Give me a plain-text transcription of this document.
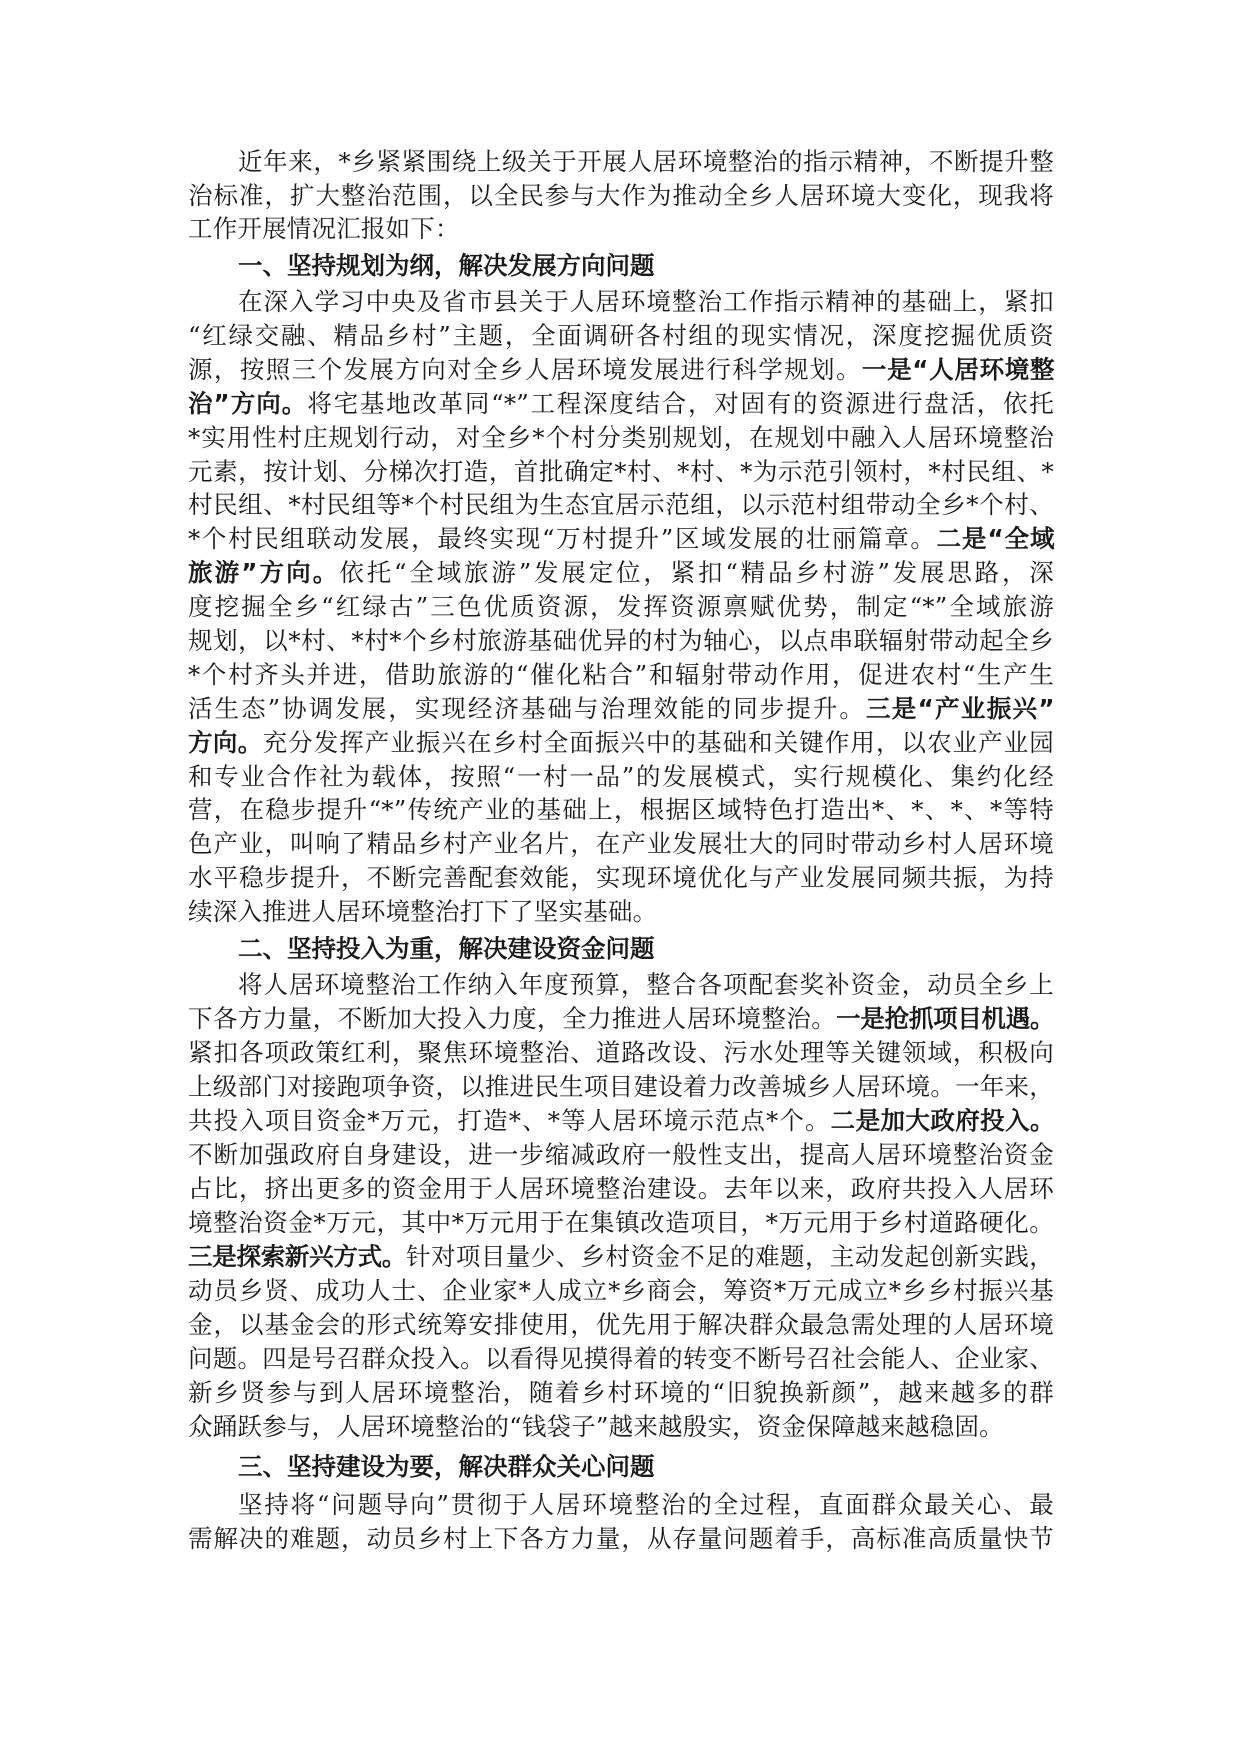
近年来，*乡紧紧围绕上级关于开展人居环境整治的指示精神，不断提升整
治标准，扩大整治范围，以全民参与大作为推动全乡人居环境大变化，现我将
工作开展情况汇报如下：
一、坚持规划为纲，解决发展方向问题
在深入学习中央及省市县关于人居环境整治工作指示精神的基础上，紧扣
“红绿交融、精品乡村”主题，全面调研各村组的现实情况，深度挖掘优质资
源，按照三个发展方向对全乡人居环境发展进行科学规划。一是“人居环境整
治”方向。将宅基地改革同“*”工程深度结合，对固有的资源进行盘活，依托
*实用性村庄规划行动，对全乡*个村分类别规划，在规划中融入人居环境整治
元素，按计划、分梯次打造，首批确定*村、*村、*为示范引领村，*村民组、*
村民组、*村民组等*个村民组为生态宜居示范组，以示范村组带动全乡*个村、
*个村民组联动发展，最终实现“万村提升”区域发展的壮丽篇章。二是“全域
旅游”方向。依托“全域旅游”发展定位，紧扣“精品乡村游”发展思路，深
度挖掘全乡“红绿古”三色优质资源，发挥资源禀赋优势，制定“*”全域旅游
规划，以*村、*村*个乡村旅游基础优异的村为轴心，以点串联辐射带动起全乡
*个村齐头并进，借助旅游的“催化粘合”和辐射带动作用，促进农村“生产生
活生态”协调发展，实现经济基础与治理效能的同步提升。三是“产业振兴”
方向。充分发挥产业振兴在乡村全面振兴中的基础和关键作用，以农业产业园
和专业合作社为载体，按照“一村一品”的发展模式，实行规模化、集约化经
营，在稳步提升“*”传统产业的基础上，根据区域特色打造出*、*、*、*等特
色产业，叫响了精品乡村产业名片，在产业发展壮大的同时带动乡村人居环境
水平稳步提升，不断完善配套效能，实现环境优化与产业发展同频共振，为持
续深入推进人居环境整治打下了坚实基础。
二、坚持投入为重，解决建设资金问题
将人居环境整治工作纳入年度预算，整合各项配套奖补资金，动员全乡上
下各方力量，不断加大投入力度，全力推进人居环境整治。一是抢抓项目机遇。
紧扣各项政策红利，聚焦环境整治、道路改设、污水处理等关键领域，积极向
上级部门对接跑项争资，以推进民生项目建设着力改善城乡人居环境。一年来，
共投入项目资金*万元，打造*、*等人居环境示范点*个。二是加大政府投入。
不断加强政府自身建设，进一步缩减政府一般性支出，提高人居环境整治资金
占比，挤出更多的资金用于人居环境整治建设。去年以来，政府共投入人居环
境整治资金*万元，其中*万元用于在集镇改造项目，*万元用于乡村道路硬化。
三是探索新兴方式。针对项目量少、乡村资金不足的难题，主动发起创新实践，
动员乡贤、成功人士、企业家*人成立*乡商会，筹资*万元成立*乡乡村振兴基
金，以基金会的形式统筹安排使用，优先用于解决群众最急需处理的人居环境
问题。四是号召群众投入。以看得见摸得着的转变不断号召社会能人、企业家、
新乡贤参与到人居环境整治，随着乡村环境的“旧貌换新颜”，越来越多的群
众踊跃参与，人居环境整治的“钱袋子”越来越殷实，资金保障越来越稳固。
三、坚持建设为要，解决群众关心问题
坚持将“问题导向”贯彻于人居环境整治的全过程，直面群众最关心、最
需解决的难题，动员乡村上下各方力量，从存量问题着手，高标准高质量快节
